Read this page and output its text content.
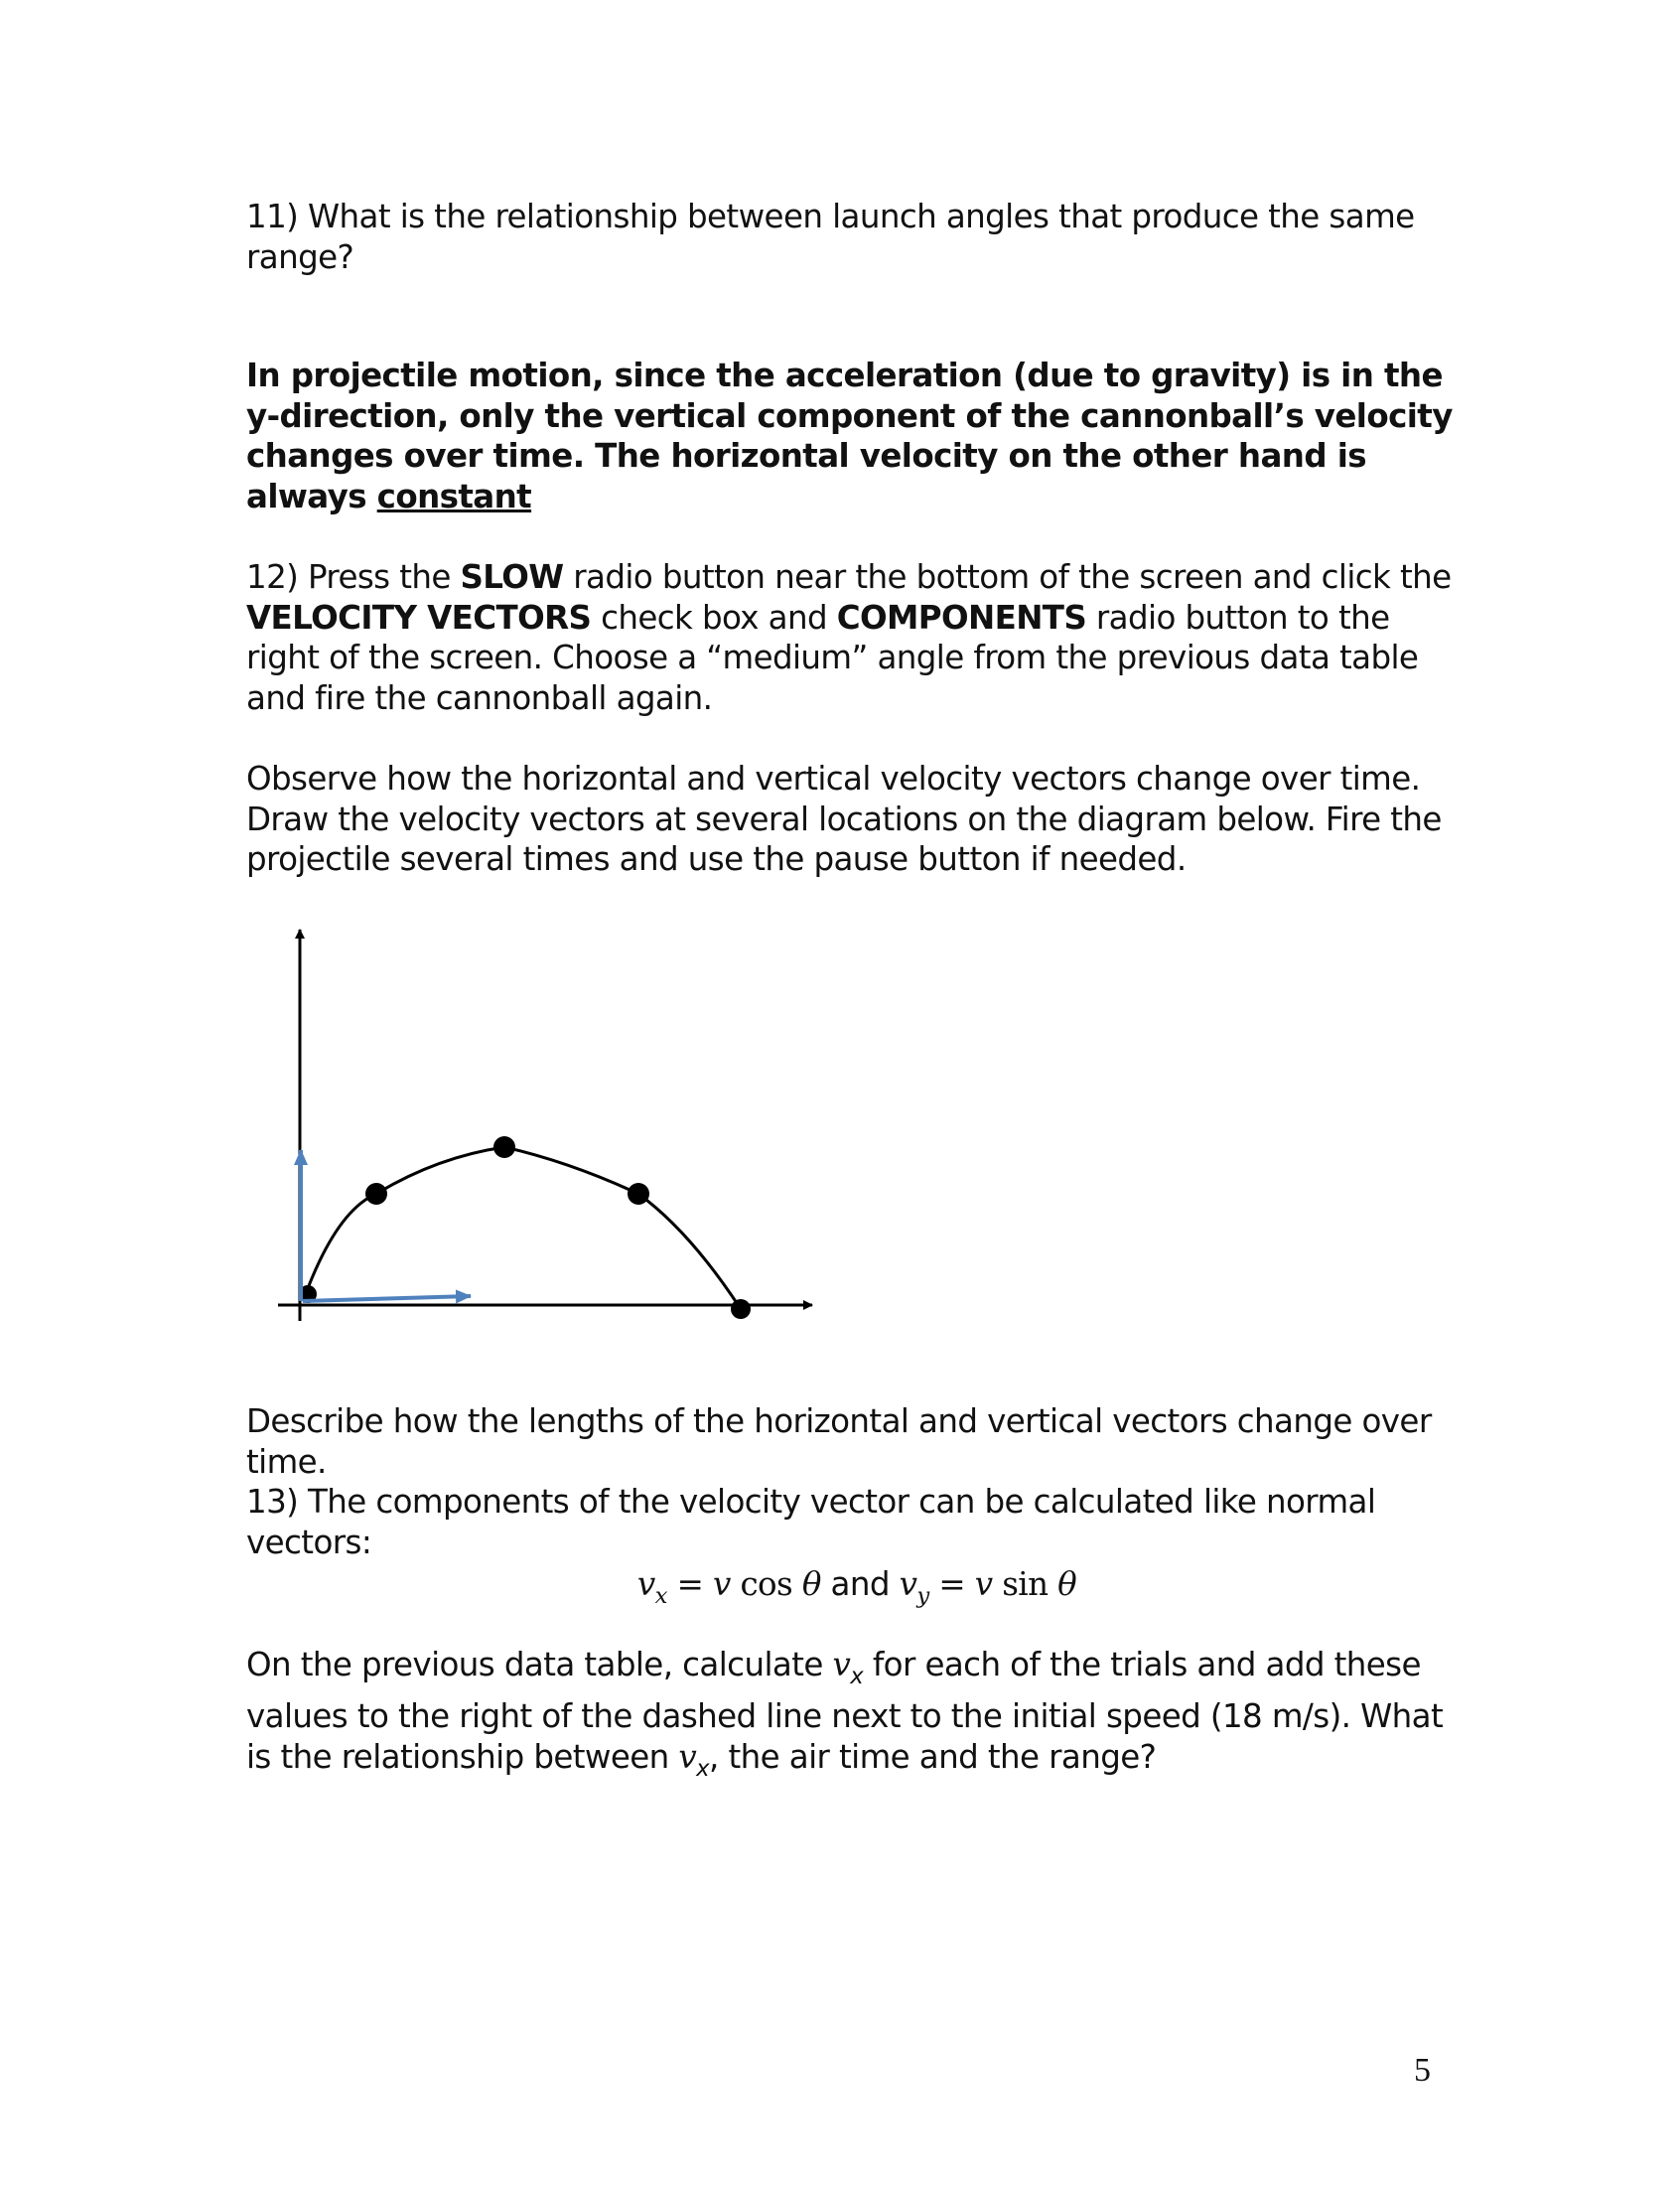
11) What is the relationship between launch angles that produce the same range?

In projectile motion, since the acceleration (due to gravity) is in the y-direction, only the vertical component of the cannonball’s velocity changes over time. The horizontal velocity on the other hand is always constant

12) Press the SLOW radio button near the bottom of the screen and click the VELOCITY VECTORS check box and COMPONENTS radio button to the right of the screen. Choose a “medium” angle from the previous data table and fire the cannonball again.

Observe how the horizontal and vertical velocity vectors change over time. Draw the velocity vectors at several locations on the diagram below. Fire the projectile several times and use the pause button if needed.

Describe how the lengths of the horizontal and vertical vectors change over time.

13) The components of the velocity vector can be calculated like normal vectors:

$v_x = v$ cos θ and $v_y = v$ sin θ

On the previous data table, calculate $v_x$ for each of the trials and add these values to the right of the dashed line next to the initial speed (18 m/s). What is the relationship between $v_x$, the air time and the range?

5
